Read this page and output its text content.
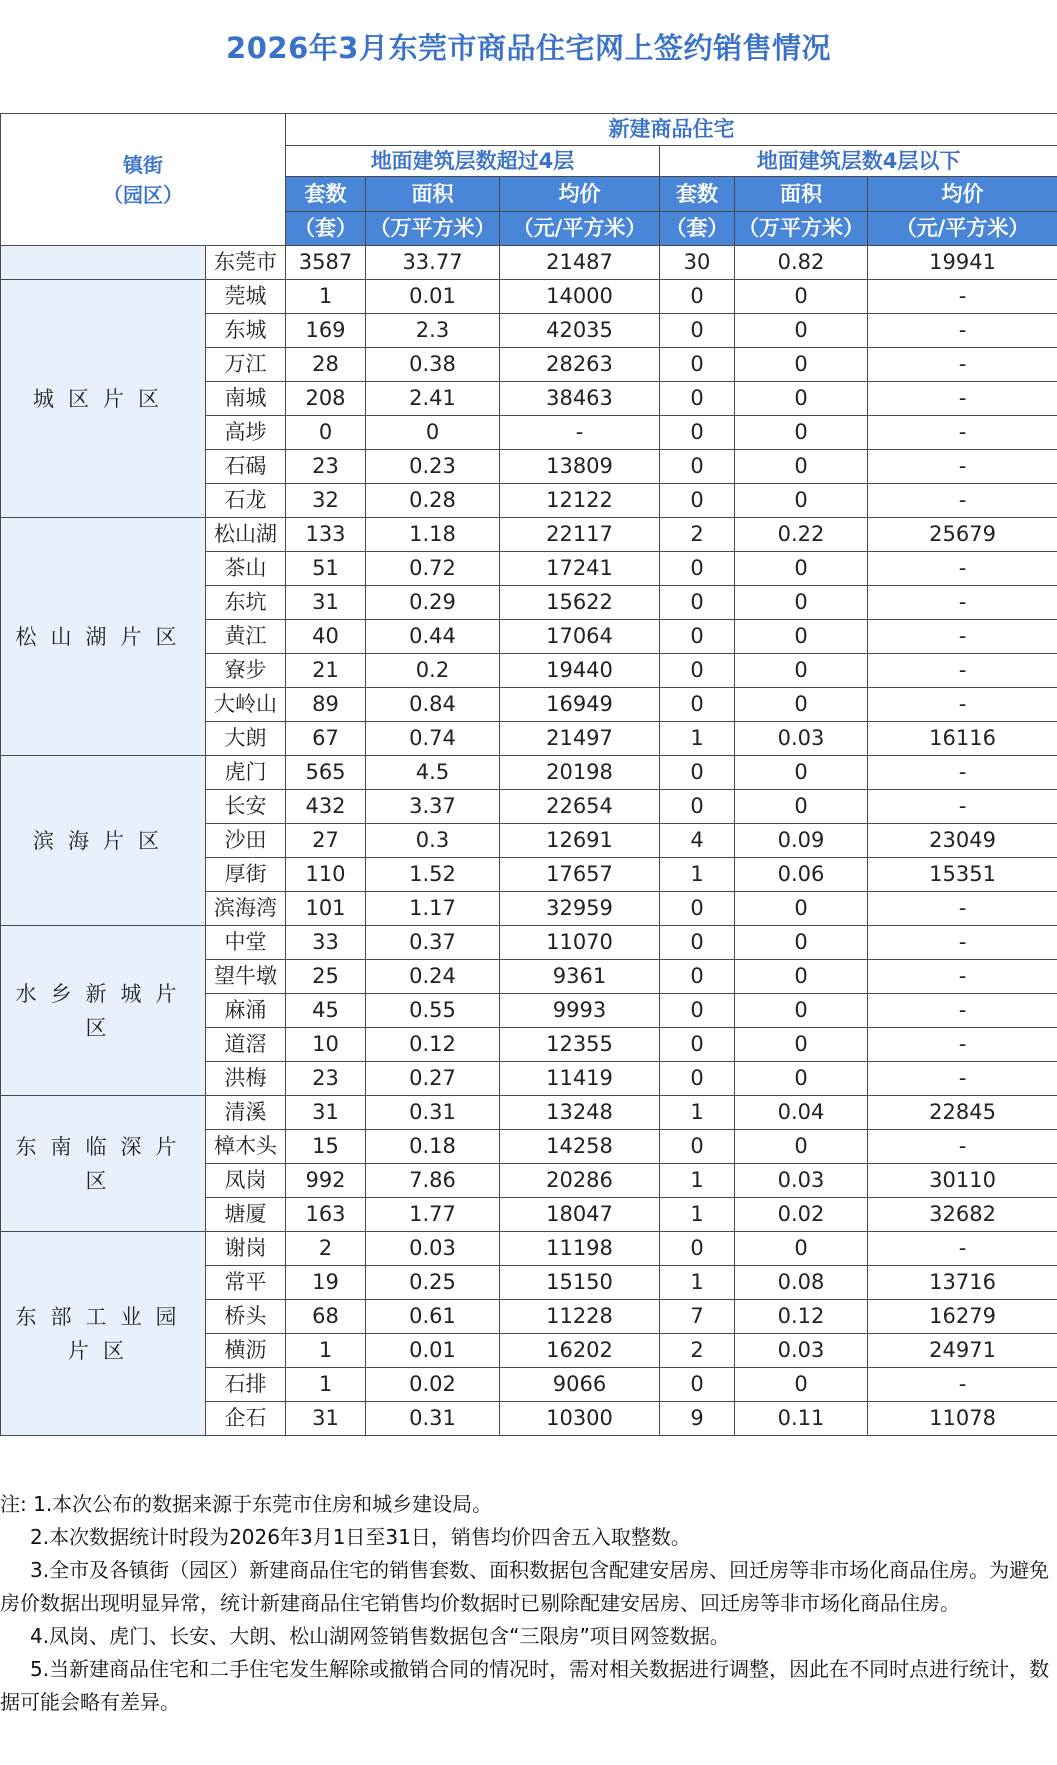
2026年3月东莞市商品住宅网上签约销售情况
镇街
（园区）		新建商品住宅					
		地面建筑层数超过4层			地面建筑层数4层以下		
		套数	面积	均价	套数	面积	均价
		（套）	（万平方米）	（元/平方米）	（套）	（万平方米）	（元/平方米）
	东莞市	3587	33.77	21487	30	0.82	19941

城区片区	莞城	1	0.01	14000	0	0	-
	东城	169	2.3	42035	0	0	-
	万江	28	0.38	28263	0	0	-
	南城	208	2.41	38463	0	0	-
	高埗	0	0	-	0	0	-
	石碣	23	0.23	13809	0	0	-
	石龙	32	0.28	12122	0	0	-

松山湖片区	松山湖	133	1.18	22117	2	0.22	25679
	茶山	51	0.72	17241	0	0	-
	东坑	31	0.29	15622	0	0	-
	黄江	40	0.44	17064	0	0	-
	寮步	21	0.2	19440	0	0	-
	大岭山	89	0.84	16949	0	0	-
	大朗	67	0.74	21497	1	0.03	16116

滨海片区	虎门	565	4.5	20198	0	0	-
	长安	432	3.37	22654	0	0	-
	沙田	27	0.3	12691	4	0.09	23049
	厚街	110	1.52	17657	1	0.06	15351
	滨海湾	101	1.17	32959	0	0	-

水乡新城片区	中堂	33	0.37	11070	0	0	-
	望牛墩	25	0.24	9361	0	0	-
	麻涌	45	0.55	9993	0	0	-
	道滘	10	0.12	12355	0	0	-
	洪梅	23	0.27	11419	0	0	-

东南临深片区	清溪	31	0.31	13248	1	0.04	22845
	樟木头	15	0.18	14258	0	0	-
	凤岗	992	7.86	20286	1	0.03	30110
	塘厦	163	1.77	18047	1	0.02	32682

东部工业园片区	谢岗	2	0.03	11198	0	0	-
	常平	19	0.25	15150	1	0.08	13716
	桥头	68	0.61	11228	7	0.12	16279
	横沥	1	0.01	16202	2	0.03	24971
	石排	1	0.02	9066	0	0	-
	企石	31	0.31	10300	9	0.11	11078

注: 1.本次公布的数据来源于东莞市住房和城乡建设局。

2.本次数据统计时段为2026年3月1日至31日，销售均价四舍五入取整数。

3.全市及各镇街（园区）新建商品住宅的销售套数、面积数据包含配建安居房、回迁房等非市场化商品住房。为避免房价数据出现明显异常，统计新建商品住宅销售均价数据时已剔除配建安居房、回迁房等非市场化商品住房。

4.凤岗、虎门、长安、大朗、松山湖网签销售数据包含“三限房”项目网签数据。

5.当新建商品住宅和二手住宅发生解除或撤销合同的情况时，需对相关数据进行调整，因此在不同时点进行统计，数据可能会略有差异。
